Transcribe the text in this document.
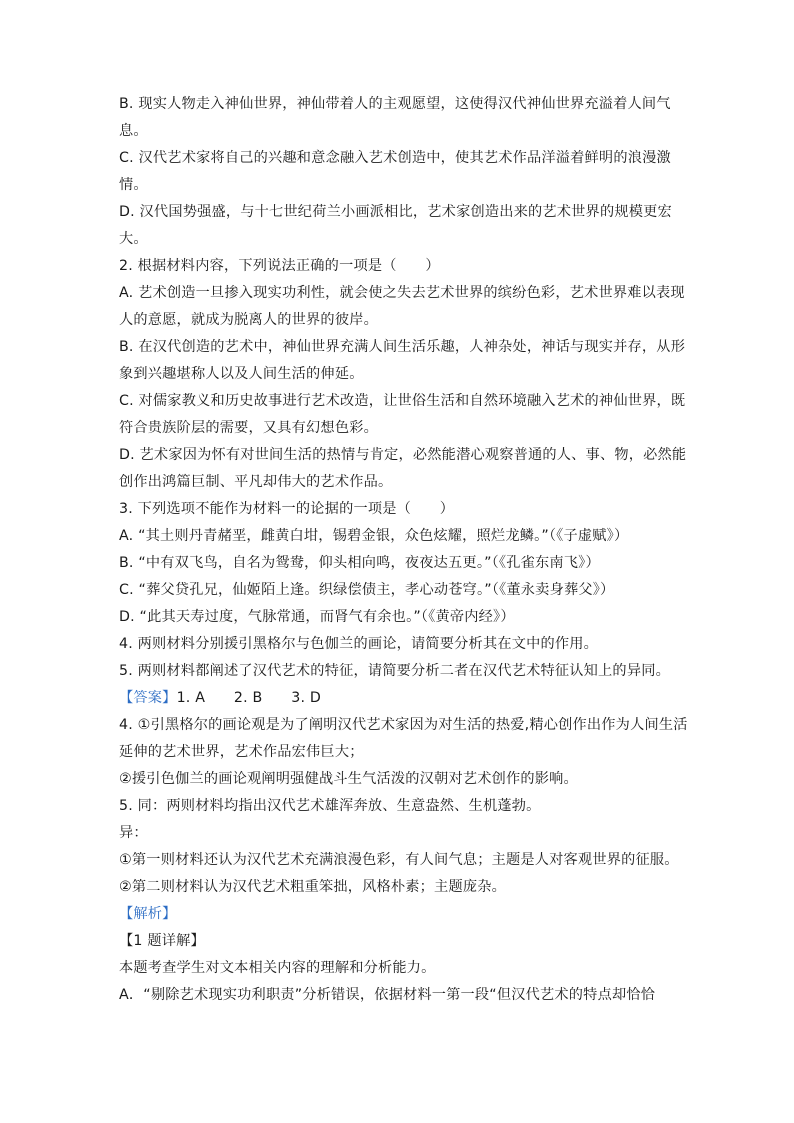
B. 现实人物走入神仙世界，神仙带着人的主观愿望，这使得汉代神仙世界充溢着人间气
息。
C. 汉代艺术家将自己的兴趣和意念融入艺术创造中，使其艺术作品洋溢着鲜明的浪漫激
情。
D. 汉代国势强盛，与十七世纪荷兰小画派相比，艺术家创造出来的艺术世界的规模更宏
大。
2. 根据材料内容，下列说法正确的一项是（　　）
A. 艺术创造一旦掺入现实功利性，就会使之失去艺术世界的缤纷色彩，艺术世界难以表现
人的意愿，就成为脱离人的世界的彼岸。
B. 在汉代创造的艺术中，神仙世界充满人间生活乐趣，人神杂处，神话与现实并存，从形
象到兴趣堪称人以及人间生活的伸延。
C. 对儒家教义和历史故事进行艺术改造，让世俗生活和自然环境融入艺术的神仙世界，既
符合贵族阶层的需要，又具有幻想色彩。
D. 艺术家因为怀有对世间生活的热情与肯定，必然能潜心观察普通的人、事、物，必然能
创作出鸿篇巨制、平凡却伟大的艺术作品。
3. 下列选项不能作为材料一的论据的一项是（　　）
A. “其土则丹青赭垩，雌黄白坩，锡碧金银，众色炫耀，照烂龙鳞。”（《子虚赋》）
B. “中有双飞鸟，自名为鸳鸯，仰头相向鸣，夜夜达五更。”（《孔雀东南飞》）
C. “葬父贷孔兄，仙姬陌上逢。织绿偿债主，孝心动苍穹。”（《董永卖身葬父》）
D. “此其天寿过度，气脉常通，而肾气有余也。”（《黄帝内经》）
4. 两则材料分别援引黑格尔与色伽兰的画论，请简要分析其在文中的作用。
5. 两则材料都阐述了汉代艺术的特征，请简要分析二者在汉代艺术特征认知上的异同。
【答案】1. A　　2. B　　3. D
4. ①引黑格尔的画论观是为了阐明汉代艺术家因为对生活的热爱,精心创作出作为人间生活
延伸的艺术世界，艺术作品宏伟巨大；
②援引色伽兰的画论观阐明强健战斗生气活泼的汉朝对艺术创作的影响。
5. 同：两则材料均指出汉代艺术雄浑奔放、生意盎然、生机蓬勃。
异：
①第一则材料还认为汉代艺术充满浪漫色彩，有人间气息；主题是人对客观世界的征服。
②第二则材料认为汉代艺术粗重笨拙，风格朴素；主题庞杂。
【解析】
【1 题详解】
本题考查学生对文本相关内容的理解和分析能力。
A．“剔除艺术现实功利职责”分析错误，依据材料一第一段“但汉代艺术的特点却恰恰
